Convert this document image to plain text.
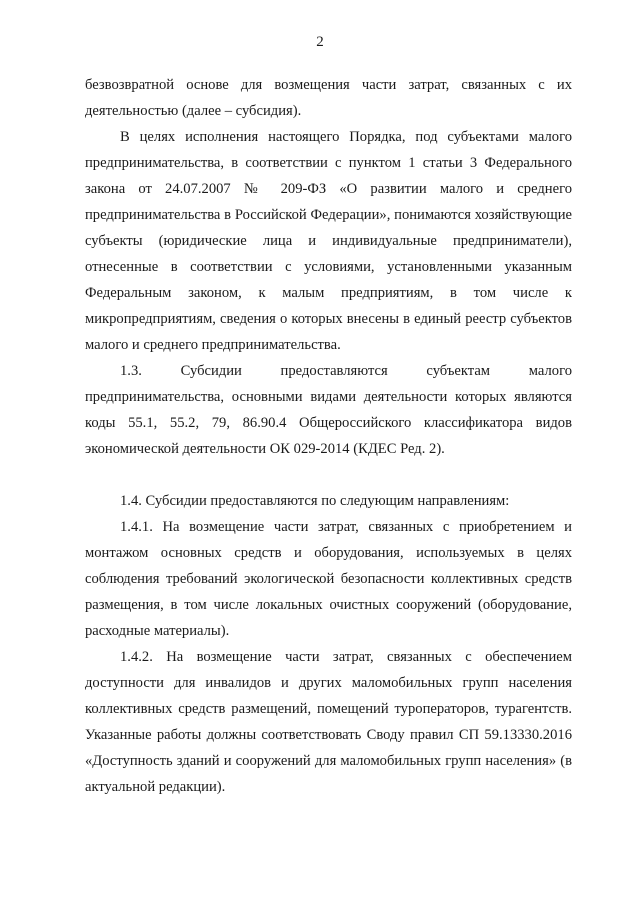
2

безвозвратной основе для возмещения части затрат, связанных с их деятельностью (далее – субсидия).

В целях исполнения настоящего Порядка, под субъектами малого предпринимательства, в соответствии с пунктом 1 статьи 3 Федерального закона от 24.07.2007 № 209-ФЗ «О развитии малого и среднего предпринимательства в Российской Федерации», понимаются хозяйствующие субъекты (юридические лица и индивидуальные предприниматели), отнесенные в соответствии с условиями, установленными указанным Федеральным законом, к малым предприятиям, в том числе к микропредприятиям, сведения о которых внесены в единый реестр субъектов малого и среднего предпринимательства.

1.3. Субсидии предоставляются субъектам малого предпринимательства, основными видами деятельности которых являются коды 55.1, 55.2, 79, 86.90.4 Общероссийского классификатора видов экономической деятельности ОК 029-2014 (КДЕС Ред. 2).

1.4. Субсидии предоставляются по следующим направлениям:

1.4.1. На возмещение части затрат, связанных с приобретением и монтажом основных средств и оборудования, используемых в целях соблюдения требований экологической безопасности коллективных средств размещения, в том числе локальных очистных сооружений (оборудование, расходные материалы).

1.4.2. На возмещение части затрат, связанных с обеспечением доступности для инвалидов и других маломобильных групп населения коллективных средств размещений, помещений туроператоров, турагентств. Указанные работы должны соответствовать Своду правил СП 59.13330.2016 «Доступность зданий и сооружений для маломобильных групп населения» (в актуальной редакции).
